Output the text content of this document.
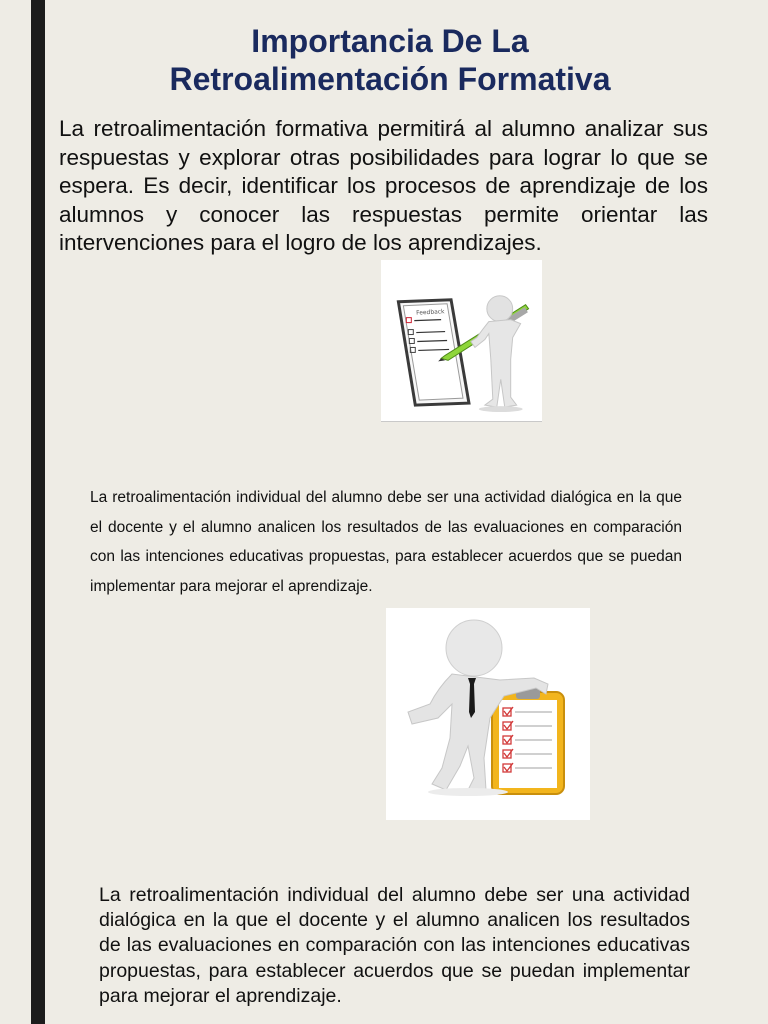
Importancia De La
Retroalimentación Formativa

La retroalimentación formativa permitirá al alumno analizar sus respuestas y explorar otras posibilidades para lograr lo que se espera. Es decir, identificar los procesos de aprendizaje de los alumnos y conocer las respuestas permite orientar las intervenciones para el logro de los aprendizajes.

Feedback

La retroalimentación individual del alumno debe ser una actividad dialógica en la que el docente y el alumno analicen los resultados de las evaluaciones en comparación con las intenciones educativas propuestas, para establecer acuerdos que se puedan implementar para mejorar el aprendizaje.

La retroalimentación individual del alumno debe ser una actividad dialógica en la que el docente y el alumno analicen los resultados de las evaluaciones en comparación con las intenciones educativas propuestas, para establecer acuerdos que se puedan implementar para mejorar el aprendizaje.
